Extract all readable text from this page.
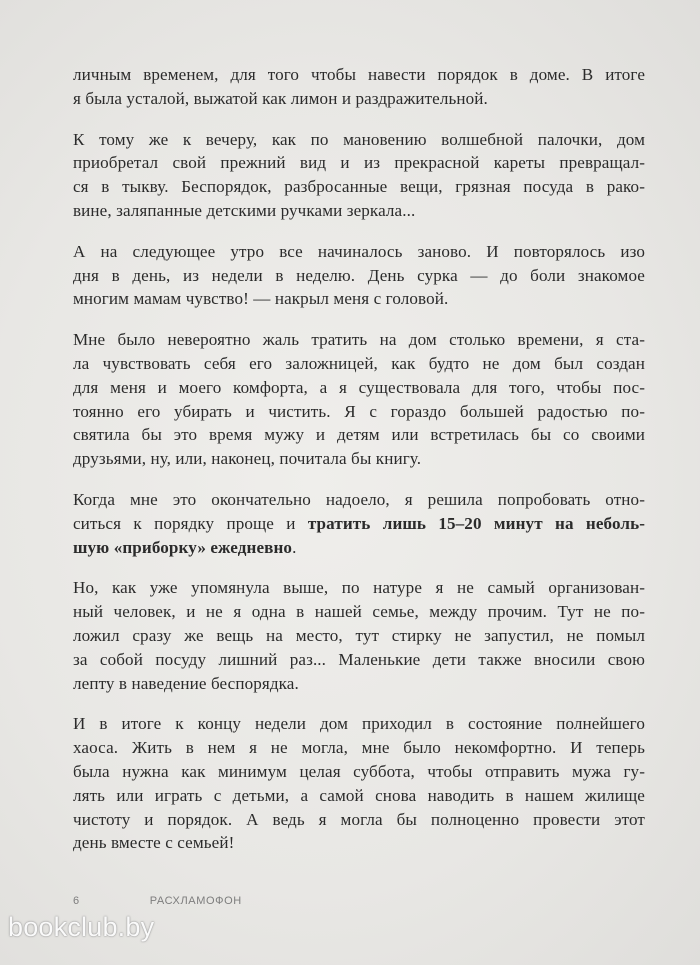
личным временем, для того чтобы навести порядок в доме. В итоге
я была усталой, выжатой как лимон и раздражительной.

К тому же к вечеру, как по мановению волшебной палочки, дом
приобретал свой прежний вид и из прекрасной кареты превращал-
ся в тыкву. Беспорядок, разбросанные вещи, грязная посуда в рако-
вине, заляпанные детскими ручками зеркала...

А на следующее утро все начиналось заново. И повторялось изо
дня в день, из недели в неделю. День сурка — до боли знакомое
многим мамам чувство! — накрыл меня с головой.

Мне было невероятно жаль тратить на дом столько времени, я ста-
ла чувствовать себя его заложницей, как будто не дом был создан
для меня и моего комфорта, а я существовала для того, чтобы пос-
тоянно его убирать и чистить. Я с гораздо большей радостью по-
святила бы это время мужу и детям или встретилась бы со своими
друзьями, ну, или, наконец, почитала бы книгу.

Когда мне это окончательно надоело, я решила попробовать отно-
ситься к порядку проще и тратить лишь 15–20 минут на неболь-
шую «приборку» ежедневно.

Но, как уже упомянула выше, по натуре я не самый организован-
ный человек, и не я одна в нашей семье, между прочим. Тут не по-
ложил сразу же вещь на место, тут стирку не запустил, не помыл
за собой посуду лишний раз... Маленькие дети также вносили свою
лепту в наведение беспорядка.

И в итоге к концу недели дом приходил в состояние полнейшего
хаоса. Жить в нем я не могла, мне было некомфортно. И теперь
была нужна как минимум целая суббота, чтобы отправить мужа гу-
лять или играть с детьми, а самой снова наводить в нашем жилище
чистоту и порядок. А ведь я могла бы полноценно провести этот
день вместе с семьей!

6	РАСХЛАМОФОН
bookclub.by
